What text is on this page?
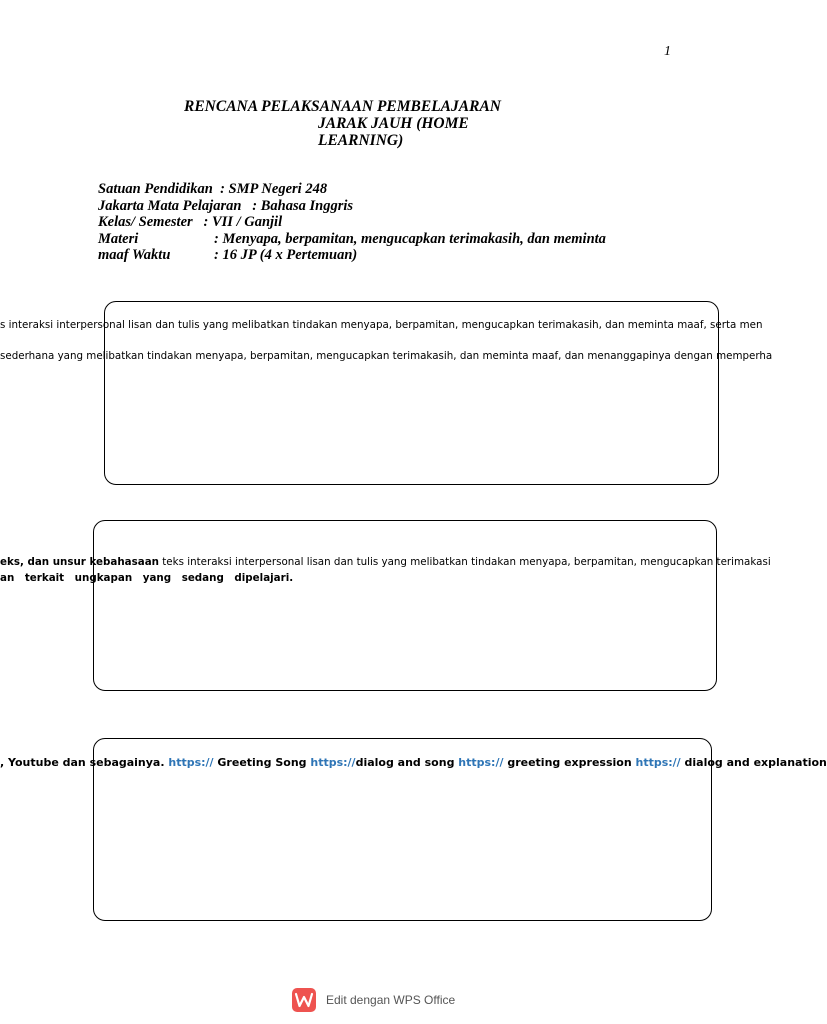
1
RENCANA PELAKSANAAN PEMBELAJARAN
JARAK JAUH (HOME
LEARNING)
Satuan Pendidikan : SMP Negeri 248
Jakarta Mata Pelajaran : Bahasa Inggris
Kelas/ Semester : VII / Ganjil
Materi	: Menyapa, berpamitan, mengucapkan terimakasih, dan meminta
maaf Waktu	: 16 JP (4 x Pertemuan)
s interaksi interpersonal lisan dan tulis yang melibatkan tindakan menyapa, berpamitan, mengucapkan terimakasih, dan meminta maaf, serta men
sederhana yang melibatkan tindakan menyapa, berpamitan, mengucapkan terimakasih, dan meminta maaf, dan menanggapinya dengan memperha
eks, dan unsur kebahasaan teks interaksi interpersonal lisan dan tulis yang melibatkan tindakan menyapa, berpamitan, mengucapkan terimakasi
an terkait ungkapan yang sedang dipelajari.
, Youtube dan sebagainya. https:// Greeting Song https://dialog and song https:// greeting expression https:// dialog and explanation
Edit dengan WPS Office
